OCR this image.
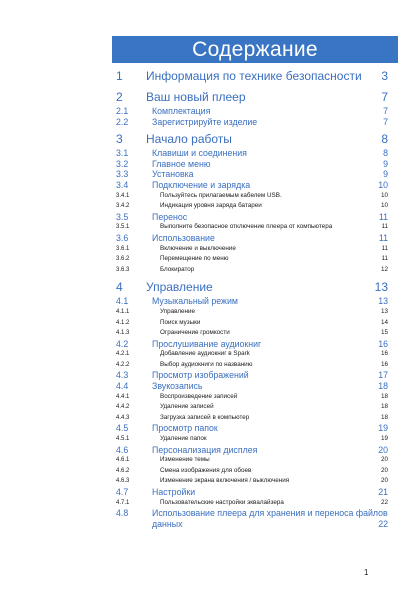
Содержание
1 Информация по технике безопасности 3
2 Ваш новый плеер	7
2.1	Комплектация	7
2.2	Зарегистрируйте изделие	7
3 Начало работы	8
3.1	Клавиши и соединения	8
3.2	Главное меню	9
3.3	Установка	9
3.4	Подключение и зарядка	10
3.4.1	Пользуйтесь прилагаемым кабелем USB.	10
3.4.2	Индикация уровня заряда батареи	10
3.5	Перенос	11
3.5.1	Выполните безопасное отключение плеера от компьютера	11
3.6	Использование	11
3.6.1	Включение и выключение	11
3.6.2	Перемещение по меню	11
3.6.3	Блокиратор	12
4 Управление	13
4.1	Музыкальный режим	13
4.1.1	Управление	13
4.1.2	Поиск музыки	14
4.1.3	Ограничение громкости	15
4.2	Прослушивание аудиокниг	16
4.2.1	Добавление аудиокниг в Spark	16
4.2.2	Выбор аудиокниги по названию	16
4.3	Просмотр изображений	17
4.4	Звукозапись	18
4.4.1	Воспроизведение записей	18
4.4.2	Удаление записей	18
4.4.3	Загрузка записей в компьютер	18
4.5	Просмотр папок	19
4.5.1	Удаление папок	19
4.6	Персонализация дисплея	20
4.6.1	Изменение темы	20
4.6.2	Смена изображения для обоев	20
4.6.3	Изменение экрана включения / выключения	20
4.7	Настройки	21
4.7.1	Пользовательские настройки эквалайзера	22
4.8	Использование плеера для хранения и переноса файлов данных	22
1
